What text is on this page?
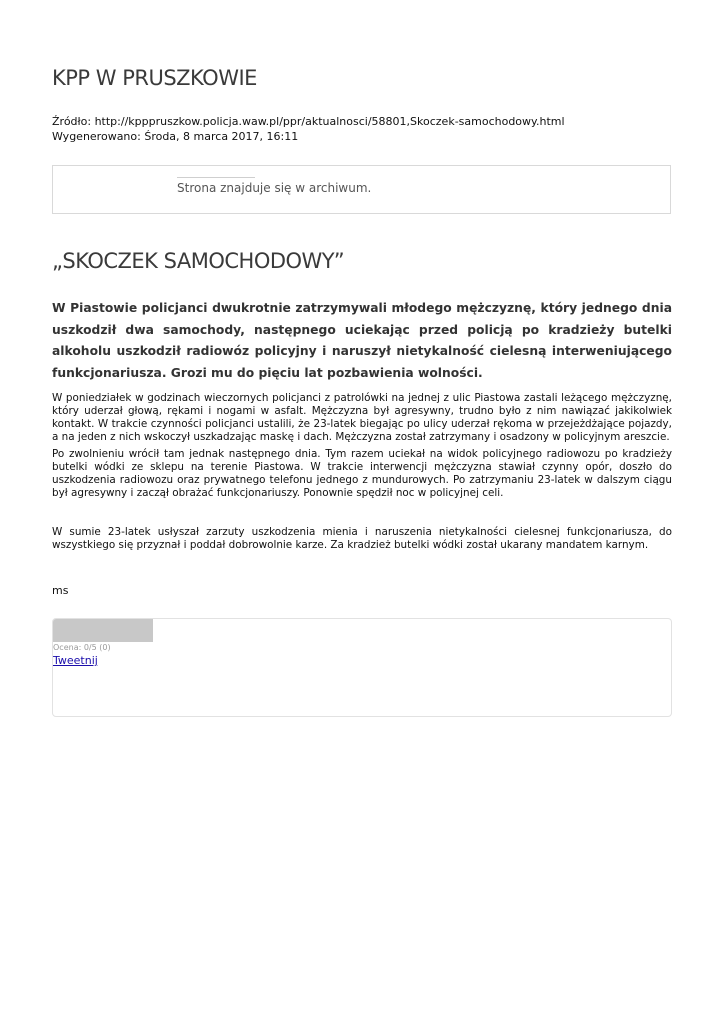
KPP W PRUSZKOWIE
Źródło: http://kpppruszkow.policja.waw.pl/ppr/aktualnosci/58801,Skoczek-samochodowy.html
Wygenerowano: Środa, 8 marca 2017, 16:11
Strona znajduje się w archiwum.
„SKOCZEK SAMOCHODOWY”

W Piastowie policjanci dwukrotnie zatrzymywali młodego mężczyznę, który jednego dnia uszkodził dwa samochody, następnego uciekając przed policją po kradzieży butelki alkoholu uszkodził radiowóz policyjny i naruszył nietykalność cielesną interweniującego funkcjonariusza. Grozi mu do pięciu lat pozbawienia wolności.

W poniedziałek w godzinach wieczornych policjanci z patrolówki na jednej z ulic Piastowa zastali leżącego mężczyznę, który uderzał głową, rękami i nogami w asfalt. Mężczyzna był agresywny, trudno było z nim nawiązać jakikolwiek kontakt. W trakcie czynności policjanci ustalili, że 23-latek biegając po ulicy uderzał rękoma w przejeżdżające pojazdy, a na jeden z nich wskoczył uszkadzając maskę i dach. Mężczyzna został zatrzymany i osadzony w policyjnym areszcie.

Po zwolnieniu wrócił tam jednak następnego dnia. Tym razem uciekał na widok policyjnego radiowozu po kradzieży butelki wódki ze sklepu na terenie Piastowa. W trakcie interwencji mężczyzna stawiał czynny opór, doszło do uszkodzenia radiowozu oraz prywatnego telefonu jednego z mundurowych. Po zatrzymaniu 23-latek w dalszym ciągu był agresywny i zaczął obrażać funkcjonariuszy. Ponownie spędził noc w policyjnej celi.

W sumie 23-latek usłyszał zarzuty uszkodzenia mienia i naruszenia nietykalności cielesnej funkcjonariusza, do wszystkiego się przyznał i poddał dobrowolnie karze. Za kradzież butelki wódki został ukarany mandatem karnym.

ms
Ocena: 0/5 (0)
Tweetnij
